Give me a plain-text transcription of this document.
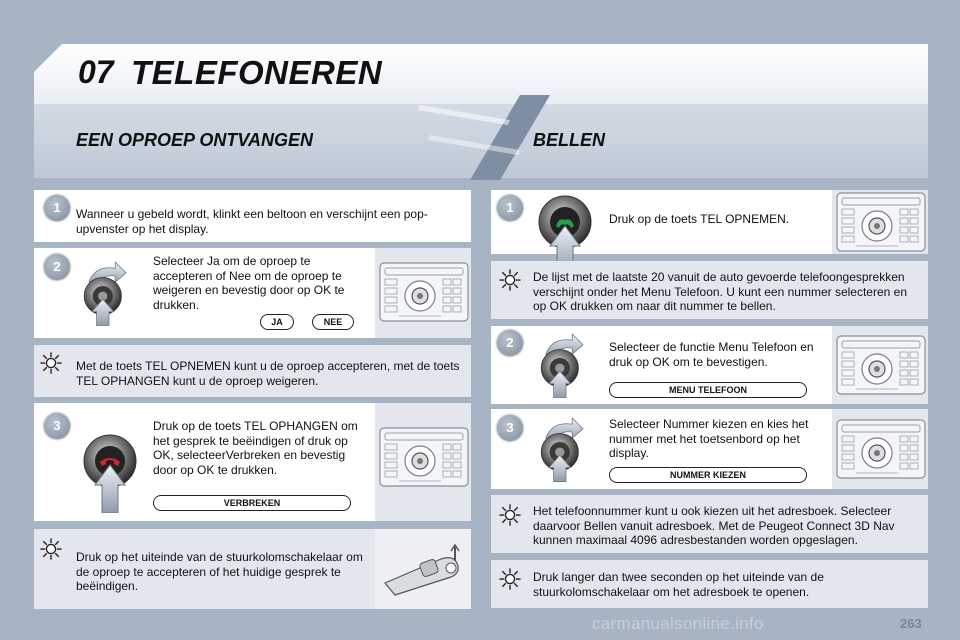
07 TELEFONEREN
EEN OPROEP ONTVANGEN	BELLEN
1	Wanneer u gebeld wordt, klinkt een beltoon en verschijnt een pop-upvenster op het display.
2	Selecteer Ja om de oproep te accepteren of Nee om de oproep te weigeren en bevestig door op OK te drukken.
JA	NEE
Met de toets TEL OPNEMEN kunt u de oproep accepteren, met de toets TEL OPHANGEN kunt u de oproep weigeren.
3	Druk op de toets TEL OPHANGEN om het gesprek te beëindigen of druk op OK, selecteerVerbreken en bevestig door op OK te drukken.
VERBREKEN
Druk op het uiteinde van de stuurkolomschakelaar om de oproep te accepteren of het huidige gesprek te beëindigen.
1
Druk op de toets TEL OPNEMEN.
De lijst met de laatste 20 vanuit de auto gevoerde telefoongesprekken verschijnt onder het Menu Telefoon. U kunt een nummer selecteren en op OK drukken om naar dit nummer te bellen.
2	Selecteer de functie Menu Telefoon en druk op OK om te bevestigen.
MENU TELEFOON
3	Selecteer Nummer kiezen en kies het nummer met het toetsenbord op het display.
NUMMER KIEZEN
Het telefoonnummer kunt u ook kiezen uit het adresboek. Selecteer daarvoor Bellen vanuit adresboek. Met de Peugeot Connect 3D Nav kunnen maximaal 4096 adresbestanden worden opgeslagen.
Druk langer dan twee seconden op het uiteinde van de stuurkolomschakelaar om het adresboek te openen.
carmanualsonline.info	263
